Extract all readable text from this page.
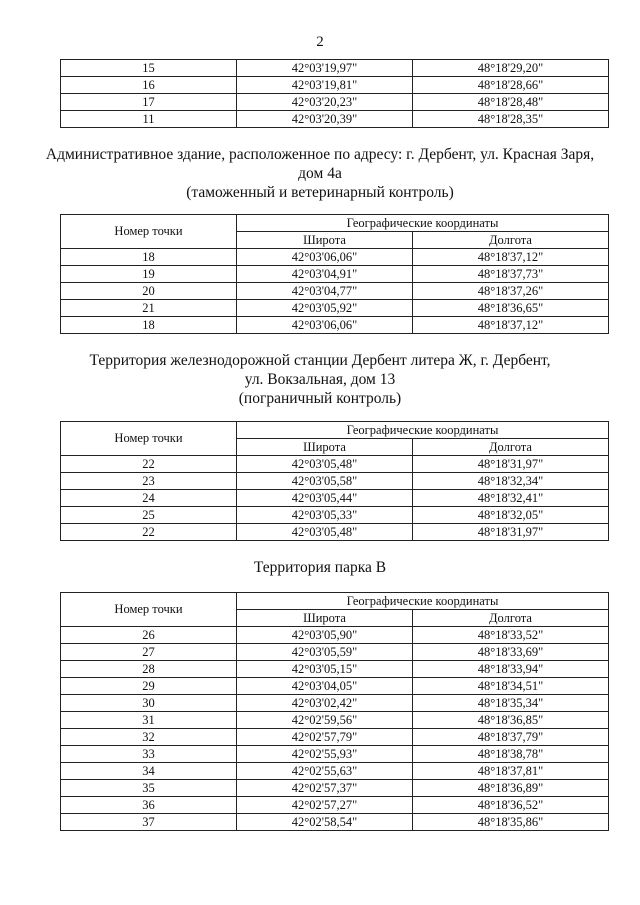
2
15	42°03'19,97"	48°18'29,20"
16	42°03'19,81"	48°18'28,66"
17	42°03'20,23"	48°18'28,48"
11	42°03'20,39"	48°18'28,35"
Административное здание, расположенное по адресу: г. Дербент, ул. Красная Заря,
дом 4а
(таможенный и ветеринарный контроль)
Номер точки	Географические координаты	
	Широта	Долгота
18	42°03'06,06"	48°18'37,12"
19	42°03'04,91"	48°18'37,73"
20	42°03'04,77"	48°18'37,26"
21	42°03'05,92"	48°18'36,65"
18	42°03'06,06"	48°18'37,12"
Территория железнодорожной станции Дербент литера Ж, г. Дербент,
ул. Вокзальная, дом 13
(пограничный контроль)
Номер точки	Географические координаты	
	Широта	Долгота
22	42°03'05,48"	48°18'31,97"
23	42°03'05,58"	48°18'32,34"
24	42°03'05,44"	48°18'32,41"
25	42°03'05,33"	48°18'32,05"
22	42°03'05,48"	48°18'31,97"
Территория парка В
Номер точки	Географические координаты	
	Широта	Долгота
26	42°03'05,90"	48°18'33,52"
27	42°03'05,59"	48°18'33,69"
28	42°03'05,15"	48°18'33,94"
29	42°03'04,05"	48°18'34,51"
30	42°03'02,42"	48°18'35,34"
31	42°02'59,56"	48°18'36,85"
32	42°02'57,79"	48°18'37,79"
33	42°02'55,93"	48°18'38,78"
34	42°02'55,63"	48°18'37,81"
35	42°02'57,37"	48°18'36,89"
36	42°02'57,27"	48°18'36,52"
37	42°02'58,54"	48°18'35,86"
